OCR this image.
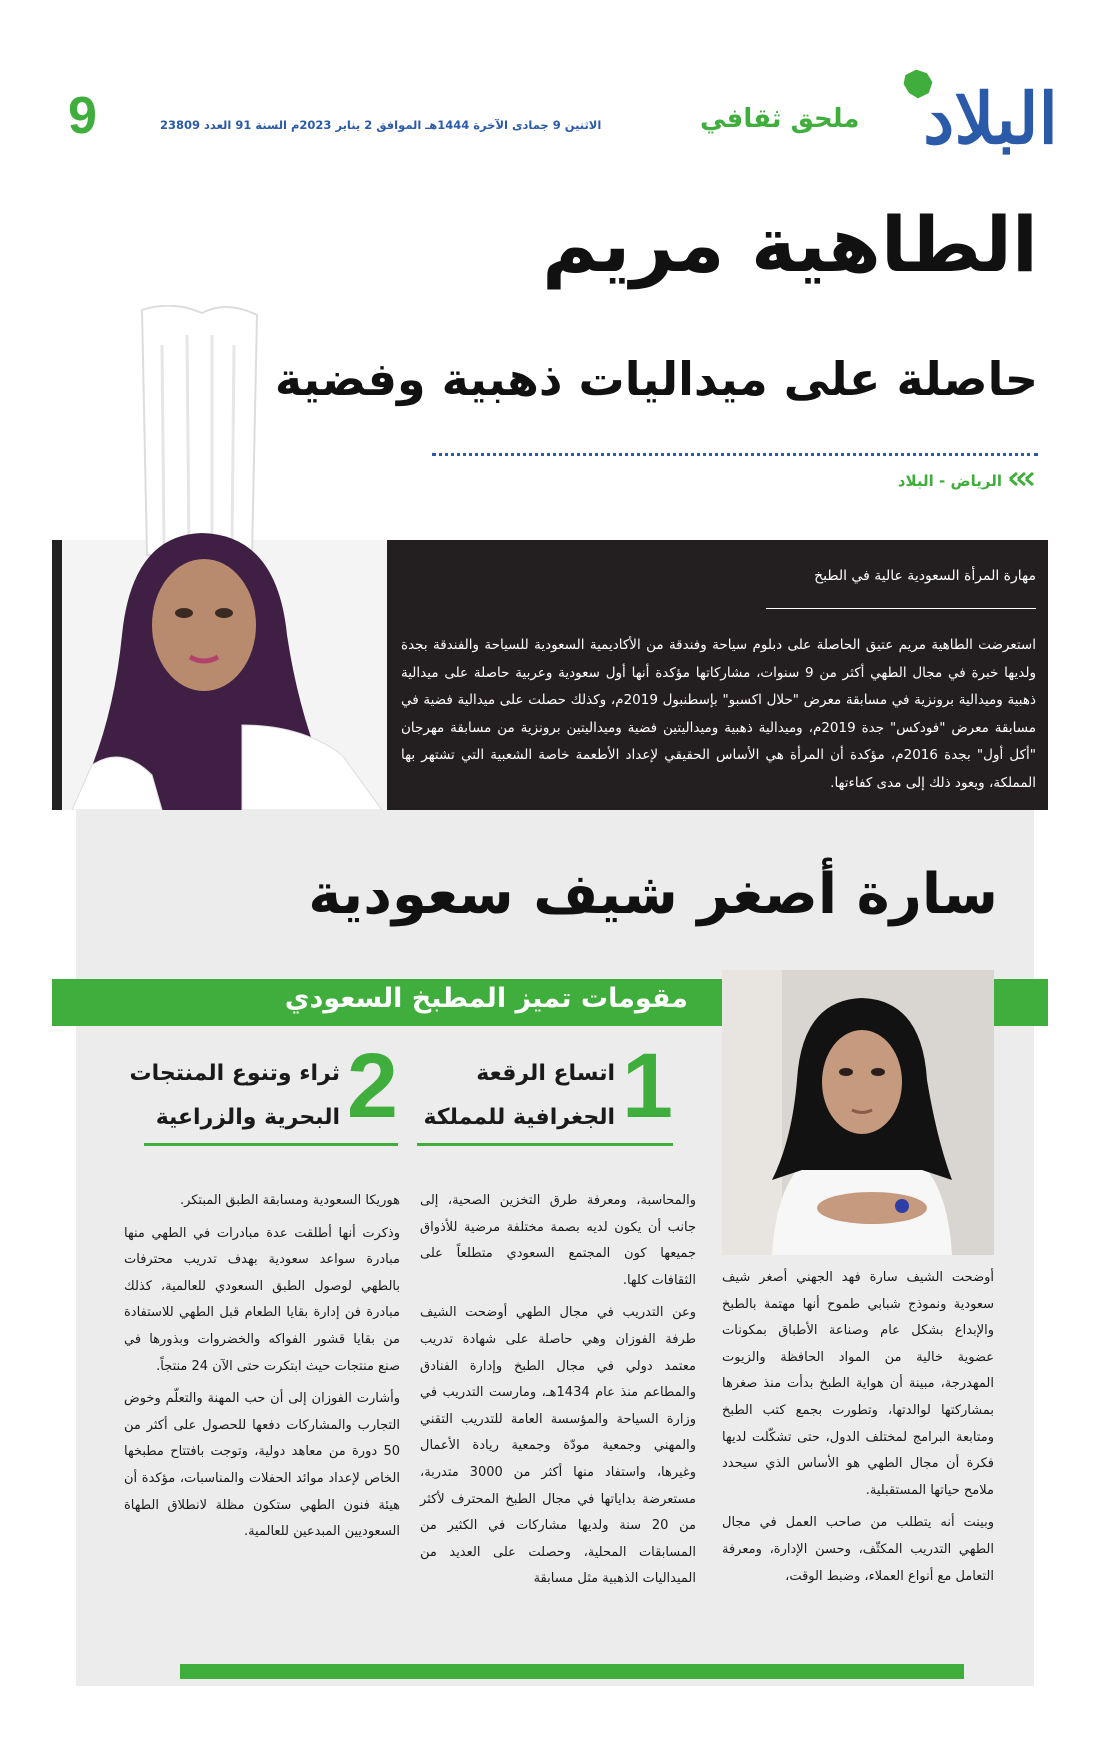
9	الاثنين 9 جمادى الآخرة 1444هـ الموافق 2 يناير 2023م السنة 91 العدد 23809	ملحق ثقافي البلاد
الطاهية مريم
حاصلة على ميداليات ذهبية وفضية
الرياض - البلاد
مهارة المرأة السعودية عالية في الطبخ

استعرضت الطاهية مريم عتيق الحاصلة على دبلوم سياحة وفندقة من الأكاديمية السعودية للسياحة والفندقة بجدة ولديها خبرة في مجال الطهي أكثر من 9 سنوات، مشاركاتها مؤكدة أنها أول سعودية وعربية حاصلة على ميدالية ذهبية وميدالية برونزية في مسابقة معرض "حلال اكسبو" بإسطنبول 2019م، وكذلك حصلت على ميدالية فضية في مسابقة معرض "فودكس" جدة 2019م، وميدالية ذهبية وميداليتين فضية وميداليتين برونزية من مسابقة مهرجان "أكل أول" بجدة 2016م، مؤكدة أن المرأة هي الأساس الحقيقي لإعداد الأطعمة خاصة الشعبية التي تشتهر بها المملكة، ويعود ذلك إلى مدى كفاءتها.

سارة أصغر شيف سعودية
مقومات تميز المطبخ السعودي
1
اتساع الرقعة
الجغرافية للمملكة
2
ثراء وتنوع المنتجات
البحرية والزراعية

أوضحت الشيف سارة فهد الجهني أصغر شيف سعودية ونموذج شبابي طموح أنها مهتمة بالطبخ والإبداع بشكل عام وصناعة الأطباق بمكونات عضوية خالية من المواد الحافظة والزيوت المهدرجة، مبينة أن هواية الطبخ بدأت منذ صغرها بمشاركتها لوالدتها، وتطورت بجمع كتب الطبخ ومتابعة البرامج لمختلف الدول، حتى تشكّلت لديها فكرة أن مجال الطهي هو الأساس الذي سيحدد ملامح حياتها المستقبلية.

وبينت أنه يتطلب من صاحب العمل في مجال الطهي التدريب المكثّف، وحسن الإدارة، ومعرفة التعامل مع أنواع العملاء، وضبط الوقت،

والمحاسبة، ومعرفة طرق التخزين الصحية، إلى جانب أن يكون لديه بصمة مختلفة مرضية للأذواق جميعها كون المجتمع السعودي متطلعاً على الثقافات كلها.

وعن التدريب في مجال الطهي أوضحت الشيف طرفة الفوزان وهي حاصلة على شهادة تدريب معتمد دولي في مجال الطبخ وإدارة الفنادق والمطاعم منذ عام 1434هـ، ومارست التدريب في وزارة السياحة والمؤسسة العامة للتدريب التقني والمهني وجمعية مودّة وجمعية ريادة الأعمال وغيرها، واستفاد منها أكثر من 3000 متدربة، مستعرضة بداياتها في مجال الطبخ المحترف لأكثر من 20 سنة ولديها مشاركات في الكثير من المسابقات المحلية، وحصلت على العديد من الميداليات الذهبية مثل مسابقة

هوريكا السعودية ومسابقة الطبق المبتكر.

وذكرت أنها أطلقت عدة مبادرات في الطهي منها مبادرة سواعد سعودية بهدف تدريب محترفات بالطهي لوصول الطبق السعودي للعالمية، كذلك مبادرة فن إدارة بقايا الطعام قبل الطهي للاستفادة من بقايا قشور الفواكه والخضروات وبذورها في صنع منتجات حيث ابتكرت حتى الآن 24 منتجاً.

وأشارت الفوزان إلى أن حب المهنة والتعلّم وخوض التجارب والمشاركات دفعها للحصول على أكثر من 50 دورة من معاهد دولية، وتوجت بافتتاح مطبخها الخاص لإعداد موائد الحفلات والمناسبات، مؤكدة أن هيئة فنون الطهي ستكون مظلة لانطلاق الطهاة السعوديين المبدعين للعالمية.
